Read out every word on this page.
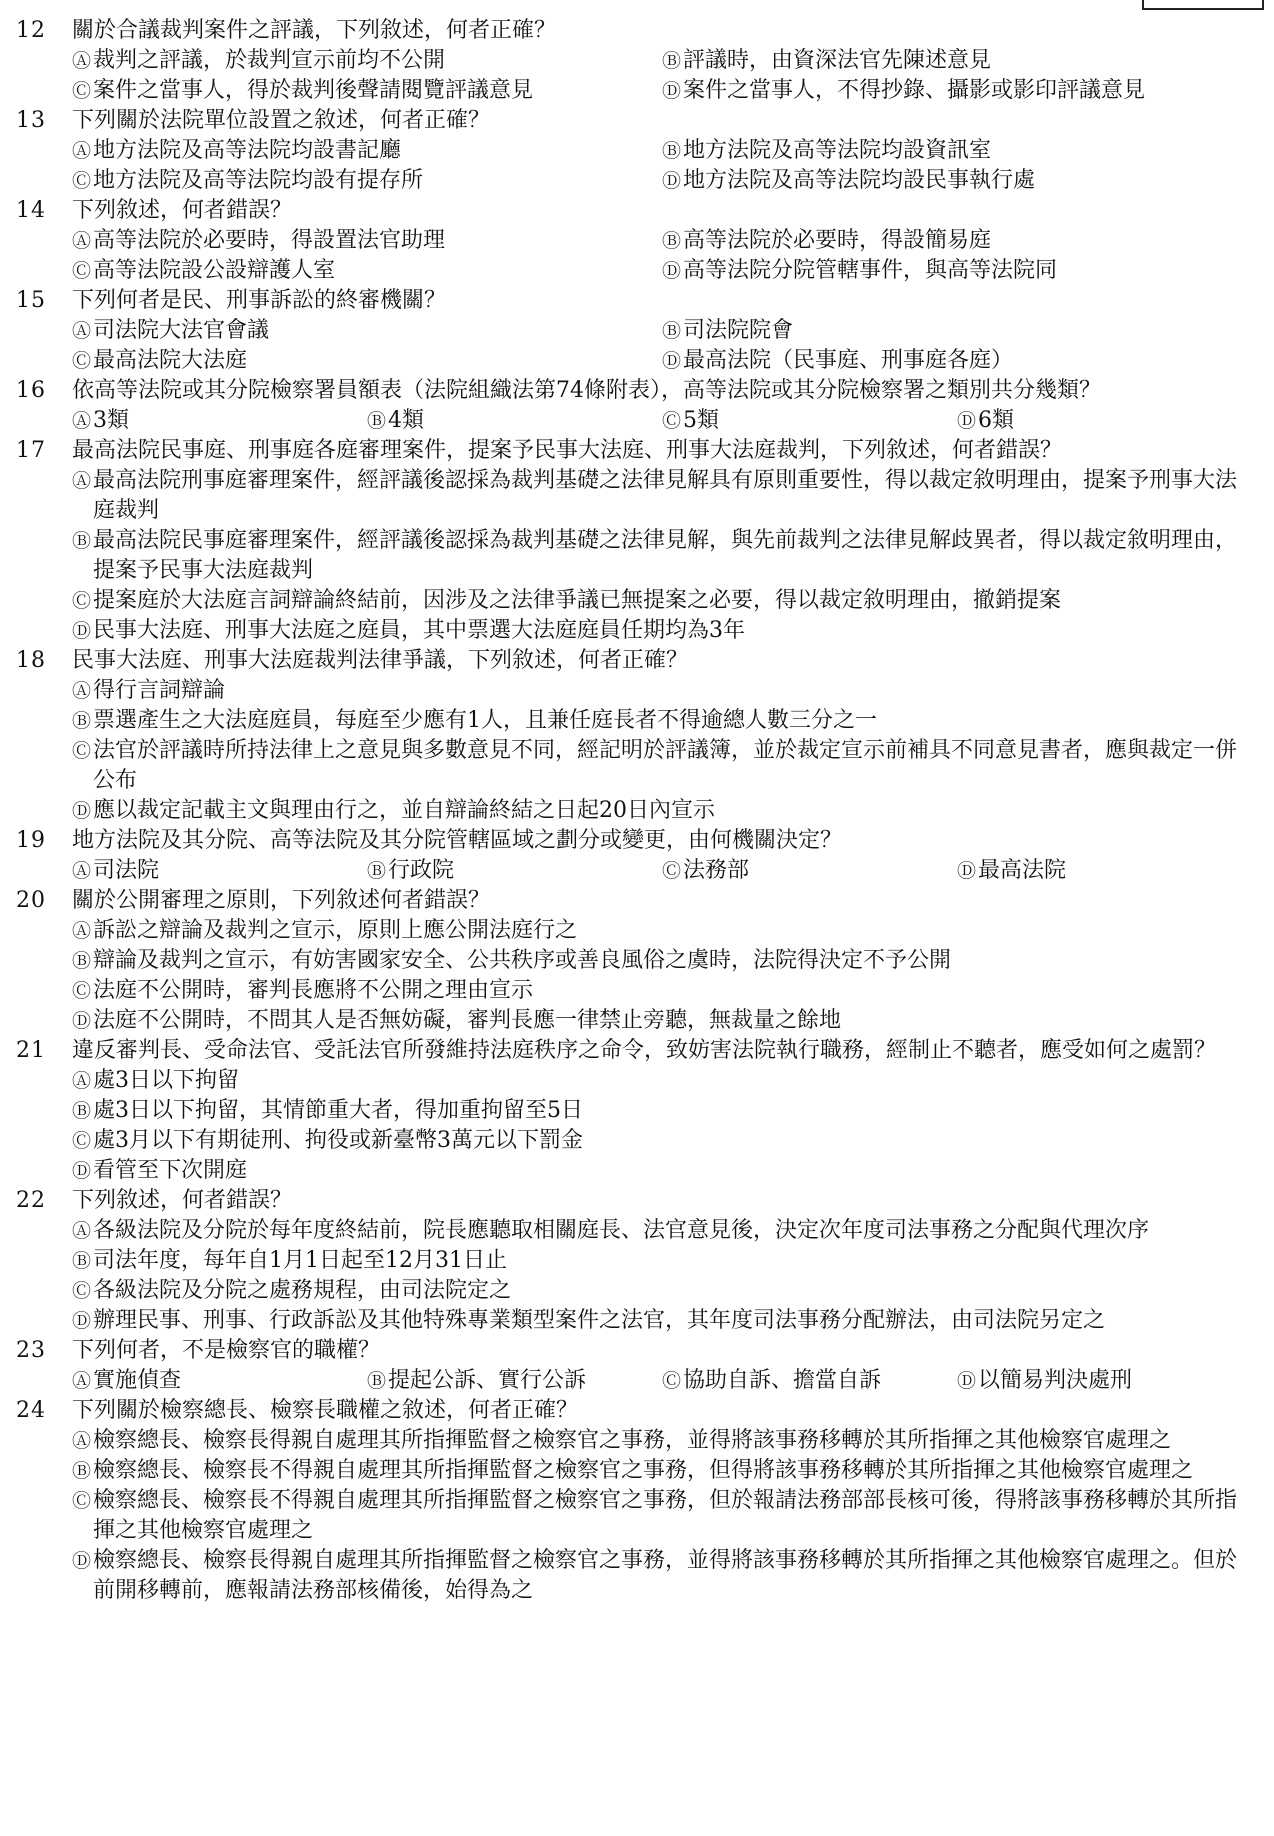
12	關於合議裁判案件之評議，下列敘述，何者正確？
Ⓐ裁判之評議，於裁判宣示前均不公開	Ⓑ評議時，由資深法官先陳述意見
Ⓒ案件之當事人，得於裁判後聲請閱覽評議意見	Ⓓ案件之當事人，不得抄錄、攝影或影印評議意見
13	下列關於法院單位設置之敘述，何者正確？
Ⓐ地方法院及高等法院均設書記廳	Ⓑ地方法院及高等法院均設資訊室
Ⓒ地方法院及高等法院均設有提存所	Ⓓ地方法院及高等法院均設民事執行處
14	下列敘述，何者錯誤？
Ⓐ高等法院於必要時，得設置法官助理	Ⓑ高等法院於必要時，得設簡易庭
Ⓒ高等法院設公設辯護人室	Ⓓ高等法院分院管轄事件，與高等法院同
15	下列何者是民、刑事訴訟的終審機關？
Ⓐ司法院大法官會議	Ⓑ司法院院會
Ⓒ最高法院大法庭	Ⓓ最高法院（民事庭、刑事庭各庭）
16	依高等法院或其分院檢察署員額表（法院組織法第74條附表），高等法院或其分院檢察署之類別共分幾類？
Ⓐ3類	Ⓑ4類	Ⓒ5類	Ⓓ6類
17	最高法院民事庭、刑事庭各庭審理案件，提案予民事大法庭、刑事大法庭裁判，下列敘述，何者錯誤？
Ⓐ 最高法院刑事庭審理案件，經評議後認採為裁判基礎之法律見解具有原則重要性，得以裁定敘明理由，提案予刑事大法庭裁判
Ⓑ 最高法院民事庭審理案件，經評議後認採為裁判基礎之法律見解，與先前裁判之法律見解歧異者，得以裁定敘明理由，提案予民事大法庭裁判
Ⓒ 提案庭於大法庭言詞辯論終結前，因涉及之法律爭議已無提案之必要，得以裁定敘明理由，撤銷提案
Ⓓ 民事大法庭、刑事大法庭之庭員，其中票選大法庭庭員任期均為3年
18	民事大法庭、刑事大法庭裁判法律爭議，下列敘述，何者正確？
Ⓐ 得行言詞辯論
Ⓑ 票選產生之大法庭庭員，每庭至少應有1人，且兼任庭長者不得逾總人數三分之一
Ⓒ 法官於評議時所持法律上之意見與多數意見不同，經記明於評議簿，並於裁定宣示前補具不同意見書者，應與裁定一併公布
Ⓓ 應以裁定記載主文與理由行之，並自辯論終結之日起20日內宣示
19	地方法院及其分院、高等法院及其分院管轄區域之劃分或變更，由何機關決定？
Ⓐ司法院	Ⓑ行政院	Ⓒ法務部	Ⓓ最高法院
20	關於公開審理之原則，下列敘述何者錯誤？
Ⓐ 訴訟之辯論及裁判之宣示，原則上應公開法庭行之
Ⓑ 辯論及裁判之宣示，有妨害國家安全、公共秩序或善良風俗之虞時，法院得決定不予公開
Ⓒ 法庭不公開時，審判長應將不公開之理由宣示
Ⓓ 法庭不公開時，不問其人是否無妨礙，審判長應一律禁止旁聽，無裁量之餘地
21	違反審判長、受命法官、受託法官所發維持法庭秩序之命令，致妨害法院執行職務，經制止不聽者，應受如何之處罰？
Ⓐ 處3日以下拘留
Ⓑ 處3日以下拘留，其情節重大者，得加重拘留至5日
Ⓒ 處3月以下有期徒刑、拘役或新臺幣3萬元以下罰金
Ⓓ 看管至下次開庭
22	下列敘述，何者錯誤？
Ⓐ 各級法院及分院於每年度終結前，院長應聽取相關庭長、法官意見後，決定次年度司法事務之分配與代理次序
Ⓑ 司法年度，每年自1月1日起至12月31日止
Ⓒ 各級法院及分院之處務規程，由司法院定之
Ⓓ 辦理民事、刑事、行政訴訟及其他特殊專業類型案件之法官，其年度司法事務分配辦法，由司法院另定之
23	下列何者，不是檢察官的職權？
Ⓐ實施偵查	Ⓑ提起公訴、實行公訴	Ⓒ協助自訴、擔當自訴	Ⓓ以簡易判決處刑
24	下列關於檢察總長、檢察長職權之敘述，何者正確？
Ⓐ 檢察總長、檢察長得親自處理其所指揮監督之檢察官之事務，並得將該事務移轉於其所指揮之其他檢察官處理之
Ⓑ 檢察總長、檢察長不得親自處理其所指揮監督之檢察官之事務，但得將該事務移轉於其所指揮之其他檢察官處理之
Ⓒ 檢察總長、檢察長不得親自處理其所指揮監督之檢察官之事務，但於報請法務部部長核可後，得將該事務移轉於其所指揮之其他檢察官處理之
Ⓓ 檢察總長、檢察長得親自處理其所指揮監督之檢察官之事務，並得將該事務移轉於其所指揮之其他檢察官處理之。但於前開移轉前，應報請法務部核備後，始得為之
